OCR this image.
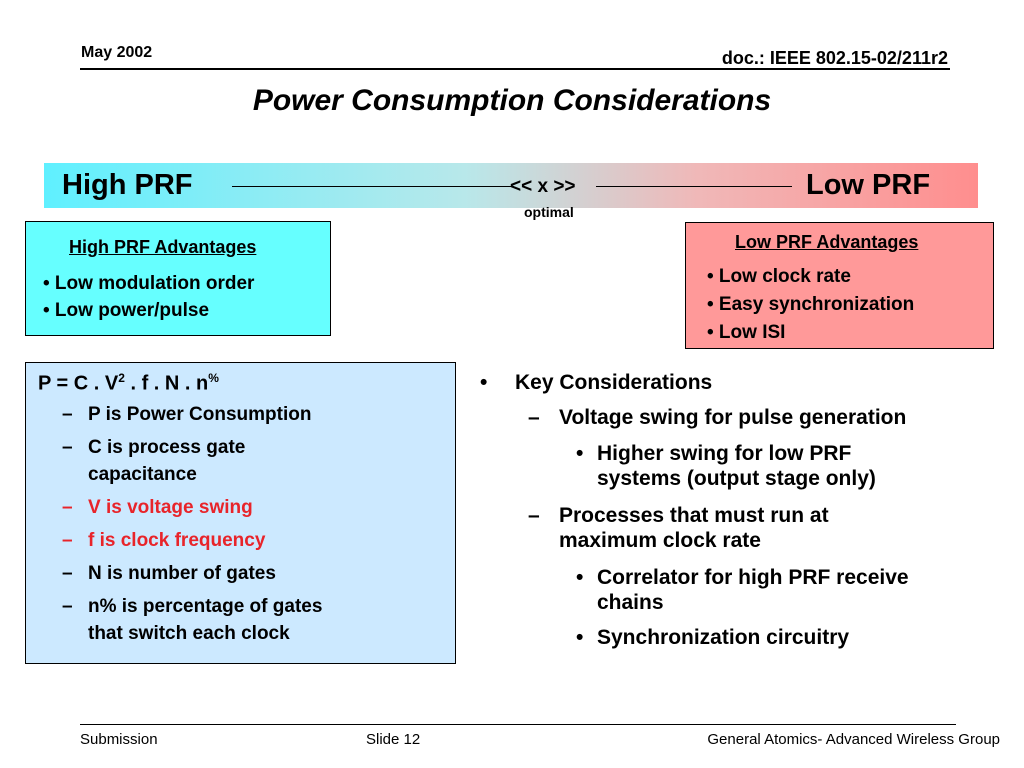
May 2002	doc.: IEEE 802.15-02/211r2
Power Consumption Considerations
High PRF	<< x >>	Low PRF
optimal
High PRF Advantages
• Low modulation order
• Low power/pulse
Low PRF Advantages
• Low clock rate
• Easy synchronization
• Low ISI
P = C . $V^2$ . f . N . n%
– P is Power Consumption
– C is process gate
capacitance
– V is voltage swing
– f is clock frequency
– N is number of gates
– n% is percentage of gates
that switch each clock
• Key Considerations
– Voltage swing for pulse generation
• Higher swing for low PRF
systems (output stage only)
– Processes that must run at
maximum clock rate
• Correlator for high PRF receive
chains
• Synchronization circuitry
Submission	Slide 12	General Atomics- Advanced Wireless Group
